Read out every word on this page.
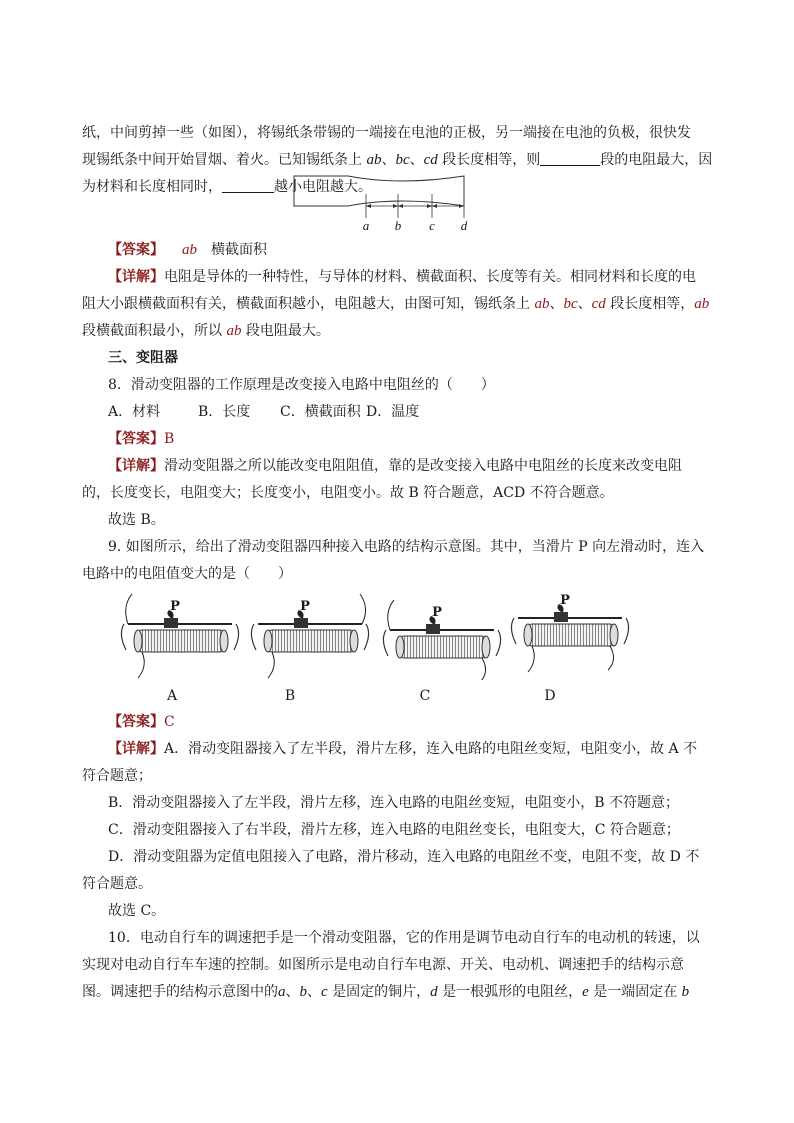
纸，中间剪掉一些（如图），将锡纸条带锡的一端接在电池的正极，另一端接在电池的负极，很快发
现锡纸条中间开始冒烟、着火。已知锡纸条上 ab、bc、cd 段长度相等，则	段的电阻最大，因
为材料和长度相同时，	越小电阻越大。
a	b	c	d
【答案】 ab 横截面积
【详解】电阻是导体的一种特性，与导体的材料、横截面积、长度等有关。相同材料和长度的电
阻大小跟横截面积有关，横截面积越小，电阻越大，由图可知，锡纸条上 ab、bc、cd 段长度相等，ab
段横截面积最小，所以 ab 段电阻最大。
三、变阻器
8．滑动变阻器的工作原理是改变接入电路中电阻丝的（　　）
A．材料	B．长度 C．横截面积 D．温度
【答案】B
【详解】滑动变阻器之所以能改变电阻阻值，靠的是改变接入电路中电阻丝的长度来改变电阻
的，长度变长，电阻变大；长度变小，电阻变小。故 B 符合题意，ACD 不符合题意。
故选 B。
9. 如图所示，给出了滑动变阻器四种接入电路的结构示意图。其中，当滑片 P 向左滑动时，连入
电路中的电阻值变大的是（　　）
P	P	P
P
A	B	C	D
【答案】C
【详解】A．滑动变阻器接入了左半段，滑片左移，连入电路的电阻丝变短，电阻变小，故 A 不
符合题意；
B．滑动变阻器接入了左半段，滑片左移，连入电路的电阻丝变短，电阻变小，B 不符题意；
C．滑动变阻器接入了右半段，滑片左移，连入电路的电阻丝变长，电阻变大，C 符合题意；
D．滑动变阻器为定值电阻接入了电路，滑片移动，连入电路的电阻丝不变，电阻不变，故 D 不
符合题意。
故选 C。
10．电动自行车的调速把手是一个滑动变阻器，它的作用是调节电动自行车的电动机的转速，以
实现对电动自行车车速的控制。如图所示是电动自行车电源、开关、电动机、调速把手的结构示意
图。调速把手的结构示意图中的a、b、c 是固定的铜片，d 是一根弧形的电阻丝，e 是一端固定在 b
